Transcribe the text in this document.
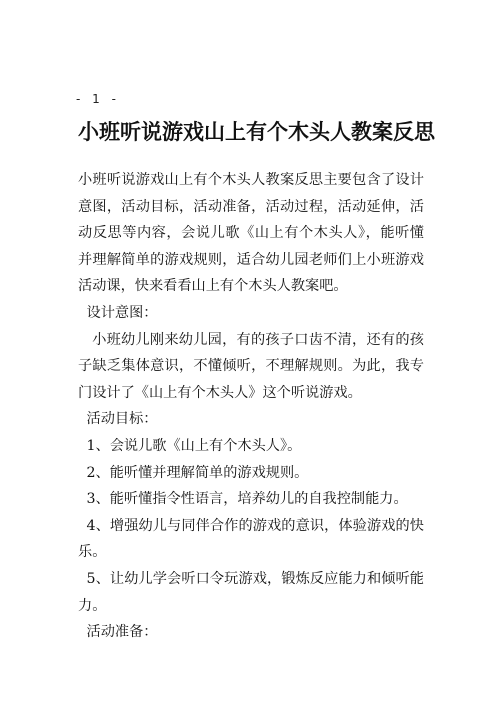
- 1 -
小班听说游戏山上有个木头人教案反思

小班听说游戏山上有个木头人教案反思主要包含了设计意图，活动目标，活动准备，活动过程，活动延伸，活动反思等内容，会说儿歌《山上有个木头人》，能听懂并理解简单的游戏规则，适合幼儿园老师们上小班游戏活动课，快来看看山上有个木头人教案吧。

设计意图：

小班幼儿刚来幼儿园，有的孩子口齿不清，还有的孩子缺乏集体意识，不懂倾听，不理解规则。为此，我专门设计了《山上有个木头人》这个听说游戏。

活动目标：

1、会说儿歌《山上有个木头人》。

2、能听懂并理解简单的游戏规则。

3、能听懂指令性语言，培养幼儿的自我控制能力。

4、增强幼儿与同伴合作的游戏的意识，体验游戏的快乐。

5、让幼儿学会听口令玩游戏，锻炼反应能力和倾听能力。

活动准备：
